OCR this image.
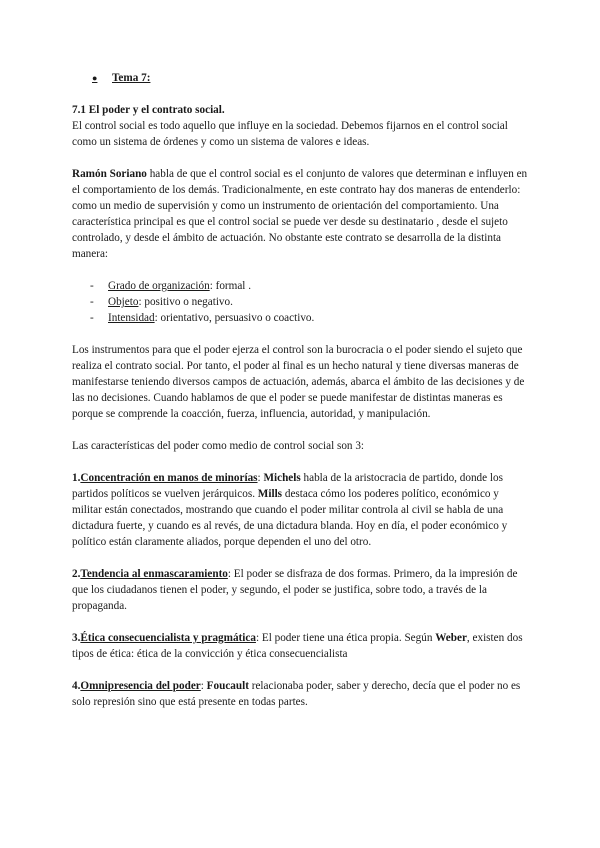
●	Tema 7:

7.1 El poder y el contrato social.

El control social es todo aquello que influye en la sociedad. Debemos fijarnos en el control social como un sistema de órdenes y como un sistema de valores e ideas.

Ramón Soriano habla de que el control social es el conjunto de valores que determinan e influyen en el comportamiento de los demás. Tradicionalmente, en este contrato hay dos maneras de entenderlo: como un medio de supervisión y como un instrumento de orientación del comportamiento. Una característica principal es que el control social se puede ver desde su destinatario , desde el sujeto controlado, y desde el ámbito de actuación. No obstante este contrato se desarrolla de la distinta manera:

-	Grado de organización: formal .
-	Objeto: positivo o negativo.
-	Intensidad: orientativo, persuasivo o coactivo.

Los instrumentos para que el poder ejerza el control son la burocracia o el poder siendo el sujeto que realiza el contrato social. Por tanto, el poder al final es un hecho natural y tiene diversas maneras de manifestarse teniendo diversos campos de actuación, además, abarca el ámbito de las decisiones y de las no decisiones. Cuando hablamos de que el poder se puede manifestar de distintas maneras es porque se comprende la coacción, fuerza, influencia, autoridad, y manipulación.

Las características del poder como medio de control social son 3:

1.Concentración en manos de minorías: Michels habla de la aristocracia de partido, donde los partidos políticos se vuelven jerárquicos. Mills destaca cómo los poderes político, económico y militar están conectados, mostrando que cuando el poder militar controla al civil se habla de una dictadura fuerte, y cuando es al revés, de una dictadura blanda. Hoy en día, el poder económico y político están claramente aliados, porque dependen el uno del otro.

2.Tendencia al enmascaramiento: El poder se disfraza de dos formas. Primero, da la impresión de que los ciudadanos tienen el poder, y segundo, el poder se justifica, sobre todo, a través de la propaganda.

3.Ética consecuencialista y pragmática: El poder tiene una ética propia. Según Weber, existen dos tipos de ética: ética de la convicción y ética consecuencialista

4.Omnipresencia del poder: Foucault relacionaba poder, saber y derecho, decía que el poder no es solo represión sino que está presente en todas partes.
